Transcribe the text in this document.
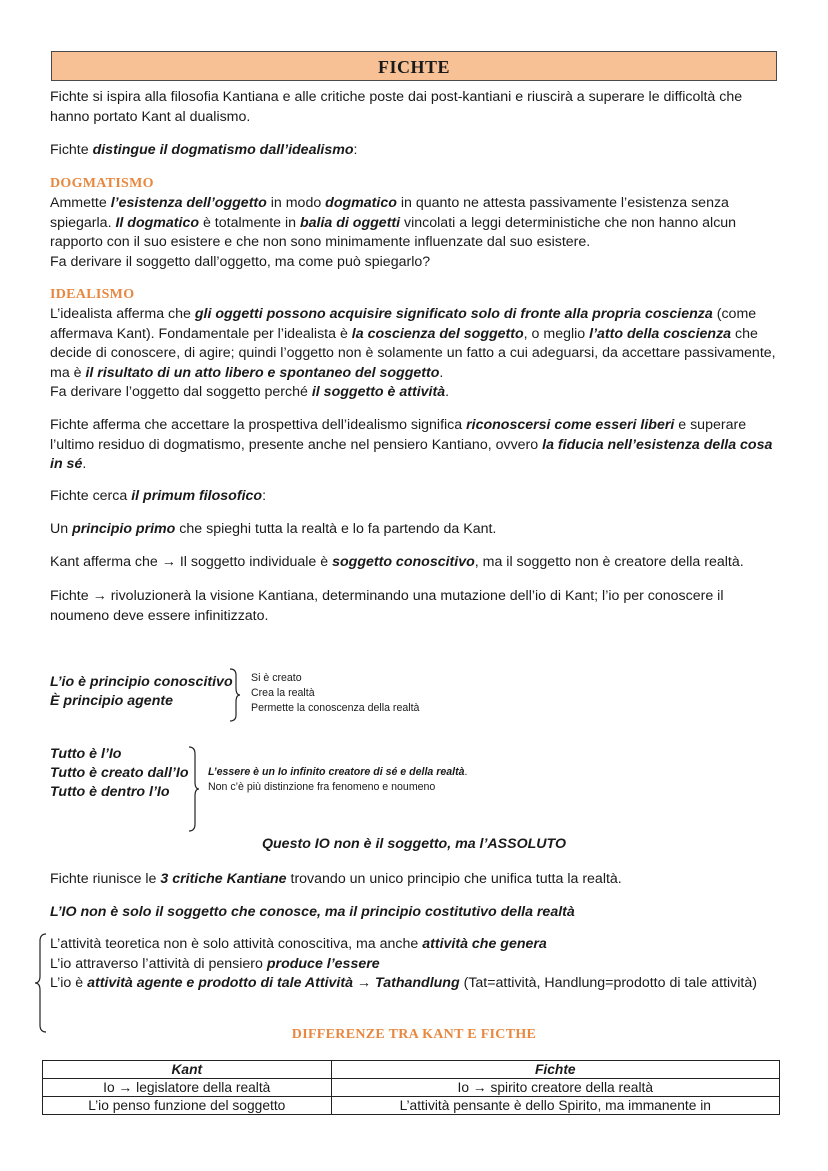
FICHTE

Fichte si ispira alla filosofia Kantiana e alle critiche poste dai post-kantiani e riuscirà a superare le difficoltà che hanno portato Kant al dualismo.

Fichte distingue il dogmatismo dall’idealismo:

DOGMATISMO

Ammette l’esistenza dell’oggetto in modo dogmatico in quanto ne attesta passivamente l’esistenza senza spiegarla. Il dogmatico è totalmente in balia di oggetti vincolati a leggi deterministiche che non hanno alcun rapporto con il suo esistere e che non sono minimamente influenzate dal suo esistere.
Fa derivare il soggetto dall’oggetto, ma come può spiegarlo?

IDEALISMO

L’idealista afferma che gli oggetti possono acquisire significato solo di fronte alla propria coscienza (come affermava Kant). Fondamentale per l’idealista è la coscienza del soggetto, o meglio l’atto della coscienza che decide di conoscere, di agire; quindi l’oggetto non è solamente un fatto a cui adeguarsi, da accettare passivamente, ma è il risultato di un atto libero e spontaneo del soggetto.
Fa derivare l’oggetto dal soggetto perché il soggetto è attività.

Fichte afferma che accettare la prospettiva dell’idealismo significa riconoscersi come esseri liberi e superare l’ultimo residuo di dogmatismo, presente anche nel pensiero Kantiano, ovvero la fiducia nell’esistenza della cosa in sé.

Fichte cerca il primum filosofico:

Un principio primo che spieghi tutta la realtà e lo fa partendo da Kant.

Kant afferma che → Il soggetto individuale è soggetto conoscitivo, ma il soggetto non è creatore della realtà.

Fichte → rivoluzionerà la visione Kantiana, determinando una mutazione dell’io di Kant; l’io per conoscere il noumeno deve essere infinitizzato.

L’io è principio conoscitivo
È principio agente
Si è creato
Crea la realtà
Permette la conoscenza della realtà
Tutto è l’Io
Tutto è creato dall’Io
Tutto è dentro l’Io
L’essere è un Io infinito creatore di sé e della realtà.
Non c’è più distinzione fra fenomeno e noumeno
Questo IO non è il soggetto, ma l’ASSOLUTO

Fichte riunisce le 3 critiche Kantiane trovando un unico principio che unifica tutta la realtà.

L’IO non è solo il soggetto che conosce, ma il principio costitutivo della realtà

L’attività teoretica non è solo attività conoscitiva, ma anche attività che genera
L’io attraverso l’attività di pensiero produce l’essere
L’io è attività agente e prodotto di tale Attività → Tathandlung (Tat=attività, Handlung=prodotto di tale attività)

DIFFERENZE TRA KANT E FICTHE
Kant	Fichte
Io → legislatore della realtà	Io → spirito creatore della realtà
L’io penso funzione del soggetto	L’attività pensante è dello Spirito, ma immanente in
